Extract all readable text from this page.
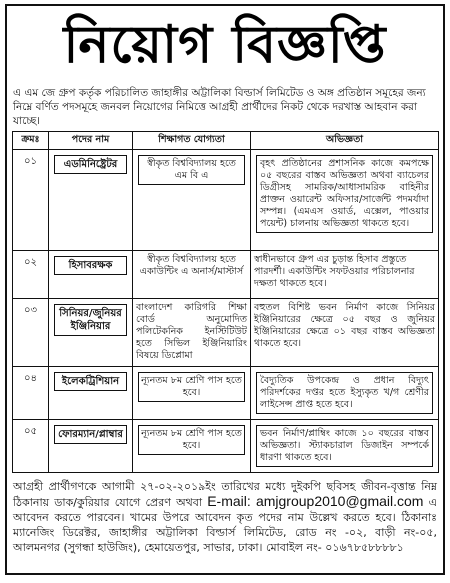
নিয়োগ বিজ্ঞপ্তি
এ এম জে গ্রুপ কর্তৃক পরিচালিত জাহাঙ্গীর অট্টালিকা বিল্ডার্স লিমিটেড ও অঙ্গ প্রতিষ্ঠান সমূহের জন্য নিম্নে বর্ণিত পদসমূহে জনবল নিয়োগের নিমিত্তে আগ্রহী প্রার্থীদের নিকট থেকে দরখাস্ত আহবান করা যাচ্ছে।
ক্রমঃ	পদের নাম	শিক্ষাগত যোগ্যতা	অভিজ্ঞতা
০১	এডমিনিষ্ট্রেটর	স্বীকৃত বিশ্ববিদ্যালয় হতে এম বি এ	বৃহৎ প্রতিষ্ঠানের প্রশাসনিক কাজে কমপক্ষে ০৫ বছরের বাস্তব অভিজ্ঞতা অথবা ব্যাচেলর ডিগ্রীসহ সামরিক/আধাসামরিক বাহিনীর প্রাক্তন ওয়ারেন্ট অফিসার/সার্জেন্ট পদমর্যাদা সম্পন্ন। (এমএস ওয়ার্ড, এক্সেল, পাওয়ার পয়েন্ট) চালনায় অভিজ্ঞতা থাকতে হবে।

০২	হিসাবরক্ষক	স্বীকৃত বিশ্ববিদ্যালয় হতে একাউন্টিং এ অনার্স/মাস্টার্স	স্বাধীনভাবে গ্রুপ এর চুড়ান্ত হিসাব প্রস্তুতে পারদর্শী। একাউন্টিং সফটওয়ার পরিচালনার দক্ষতা থাকতে হবে।
০৩	সিনিয়র/জুনিয়র ইঞ্জিনিয়ার	বাংলাদেশ কারিগরি শিক্ষা বোর্ড অনুমোদিত পলিটেকনিক ইনস্টিটিউট হতে সিভিল ইঞ্জিনিয়ারিং বিষয়ে ডিপ্লোমা	বহুতল বিশিষ্ট ভবন নির্মাণ কাজে সিনিয়র ইঞ্জিনিয়ারের ক্ষেত্রে ০৫ বছর ও জুনিয়র ইঞ্জিনিয়ারের ক্ষেত্রে ০১ বছর বাস্তব অভিজ্ঞতা থাকতে হবে।
০৪	ইলেকট্রিশিয়ান	ন্যূনতম ৮ম শ্রেণি পাস হতে হবে।	বৈদ্যুতিক উপকেন্দ্র ও প্রধান বিদ্যুৎ পরিদর্শকের দপ্তর হতে ইস্যুকৃত খ/গ শ্রেণীর লাইসেন্স প্রাপ্ত হতে হবে।

০৫	ফোরম্যান/প্লাম্বার	ন্যূনতম ৮ম শ্রেণি পাস হতে হবে।	ভবন নির্মাণ/প্লাম্বিং কাজে ১০ বছরের বাস্তব অভিজ্ঞতা। স্ট্যাকচারাল ডিজাইন সম্পর্কে ধারণা থাকতে হবে।
আগ্রহী প্রার্থীগণকে আগামী ২৭-০২-২০১৯ইং তারিখের মধ্যে দুইকপি ছবিসহ জীবন-বৃত্তান্ত নিম্ন ঠিকানায় ডাক/কুরিয়ার যোগে প্রেরণ অথবা E-mail: amjgroup2010@gmail.com এ আবেদন করতে পারবেন। খামের উপরে আবেদন কৃত পদের নাম উল্লেখ করতে হবে। ঠিকানাঃ ম্যানেজিং ডিরেক্টর, জাহাঙ্গীর অট্টালিকা বিল্ডার্স লিমিটেড, রোড নং -০২, বাড়ী নং-০৫, আলমনগর (সুগন্ধা হাউজিং), হেমায়েতপুর, সাভার, ঢাকা। মোবাইল নং- ০১৬৭৮৫৮৮৮৮১
